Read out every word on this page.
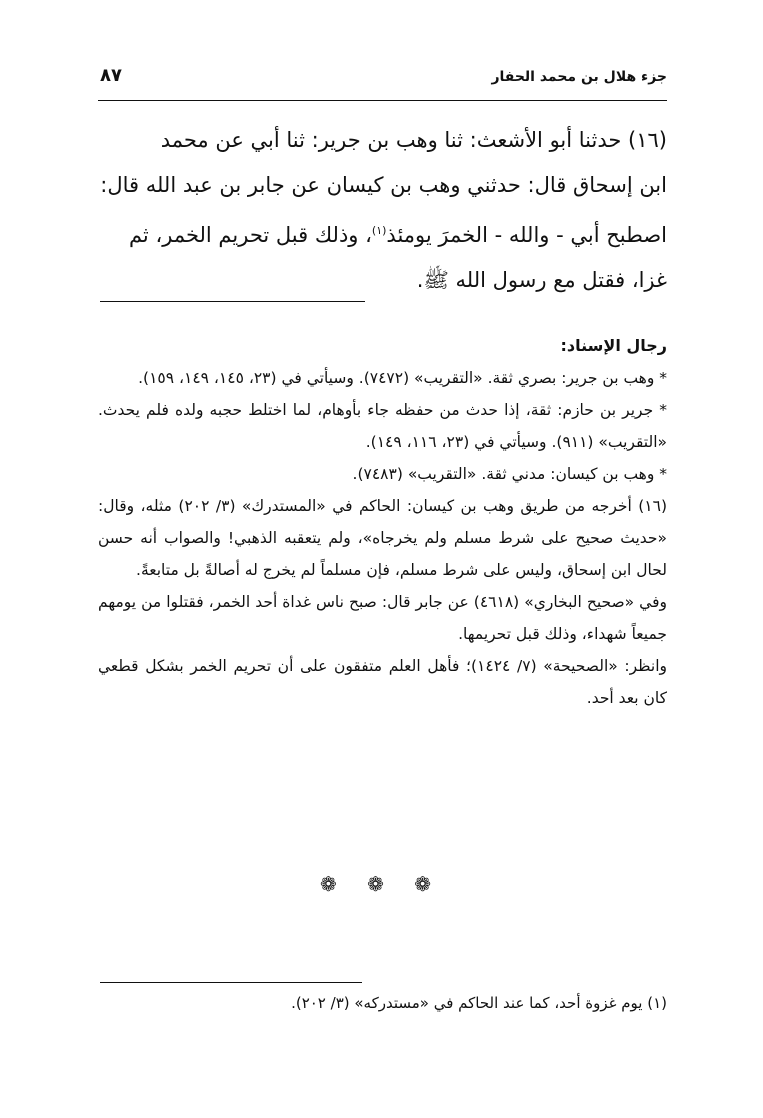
جزء هلال بن محمد الحفار
٨٧

(١٦) حدثنا أبو الأشعث: ثنا وهب بن جرير: ثنا أبي عن محمد

ابن إسحاق قال: حدثني وهب بن كيسان عن جابر بن عبد الله قال:

اصطبح أبي - والله - الخمرَ يومئذ$^{(١)}$، وذلك قبل تحريم الخمر، ثم

غزا، فقتل مع رسول الله ﷺ.

رجال الإسناد:

* وهب بن جرير: بصري ثقة. «التقريب» (٧٤٧٢). وسيأتي في (٢٣، ١٤٥، ١٤٩، ١٥٩).

* جرير بن حازم: ثقة، إذا حدث من حفظه جاء بأوهام، لما اختلط حجبه ولده فلم يحدث. «التقريب» (٩١١). وسيأتي في (٢٣، ١١٦، ١٤٩).

* وهب بن كيسان: مدني ثقة. «التقريب» (٧٤٨٣).

(١٦) أخرجه من طريق وهب بن كيسان: الحاكم في «المستدرك» (٣/ ٢٠٢) مثله، وقال: «حديث صحيح على شرط مسلم ولم يخرجاه»، ولم يتعقبه الذهبي! والصواب أنه حسن لحال ابن إسحاق، وليس على شرط مسلم، فإن مسلماً لم يخرج له أصالةً بل متابعةً.

وفي «صحيح البخاري» (٤٦١٨) عن جابر قال: صبح ناس غداة أحد الخمر، فقتلوا من يومهم جميعاً شهداء، وذلك قبل تحريمها.

وانظر: «الصحيحة» (٧/ ١٤٢٤)؛ فأهل العلم متفقون على أن تحريم الخمر بشكل قطعي كان بعد أحد.

❁ ❁ ❁
(١) يوم غزوة أحد، كما عند الحاكم في «مستدركه» (٣/ ٢٠٢).
